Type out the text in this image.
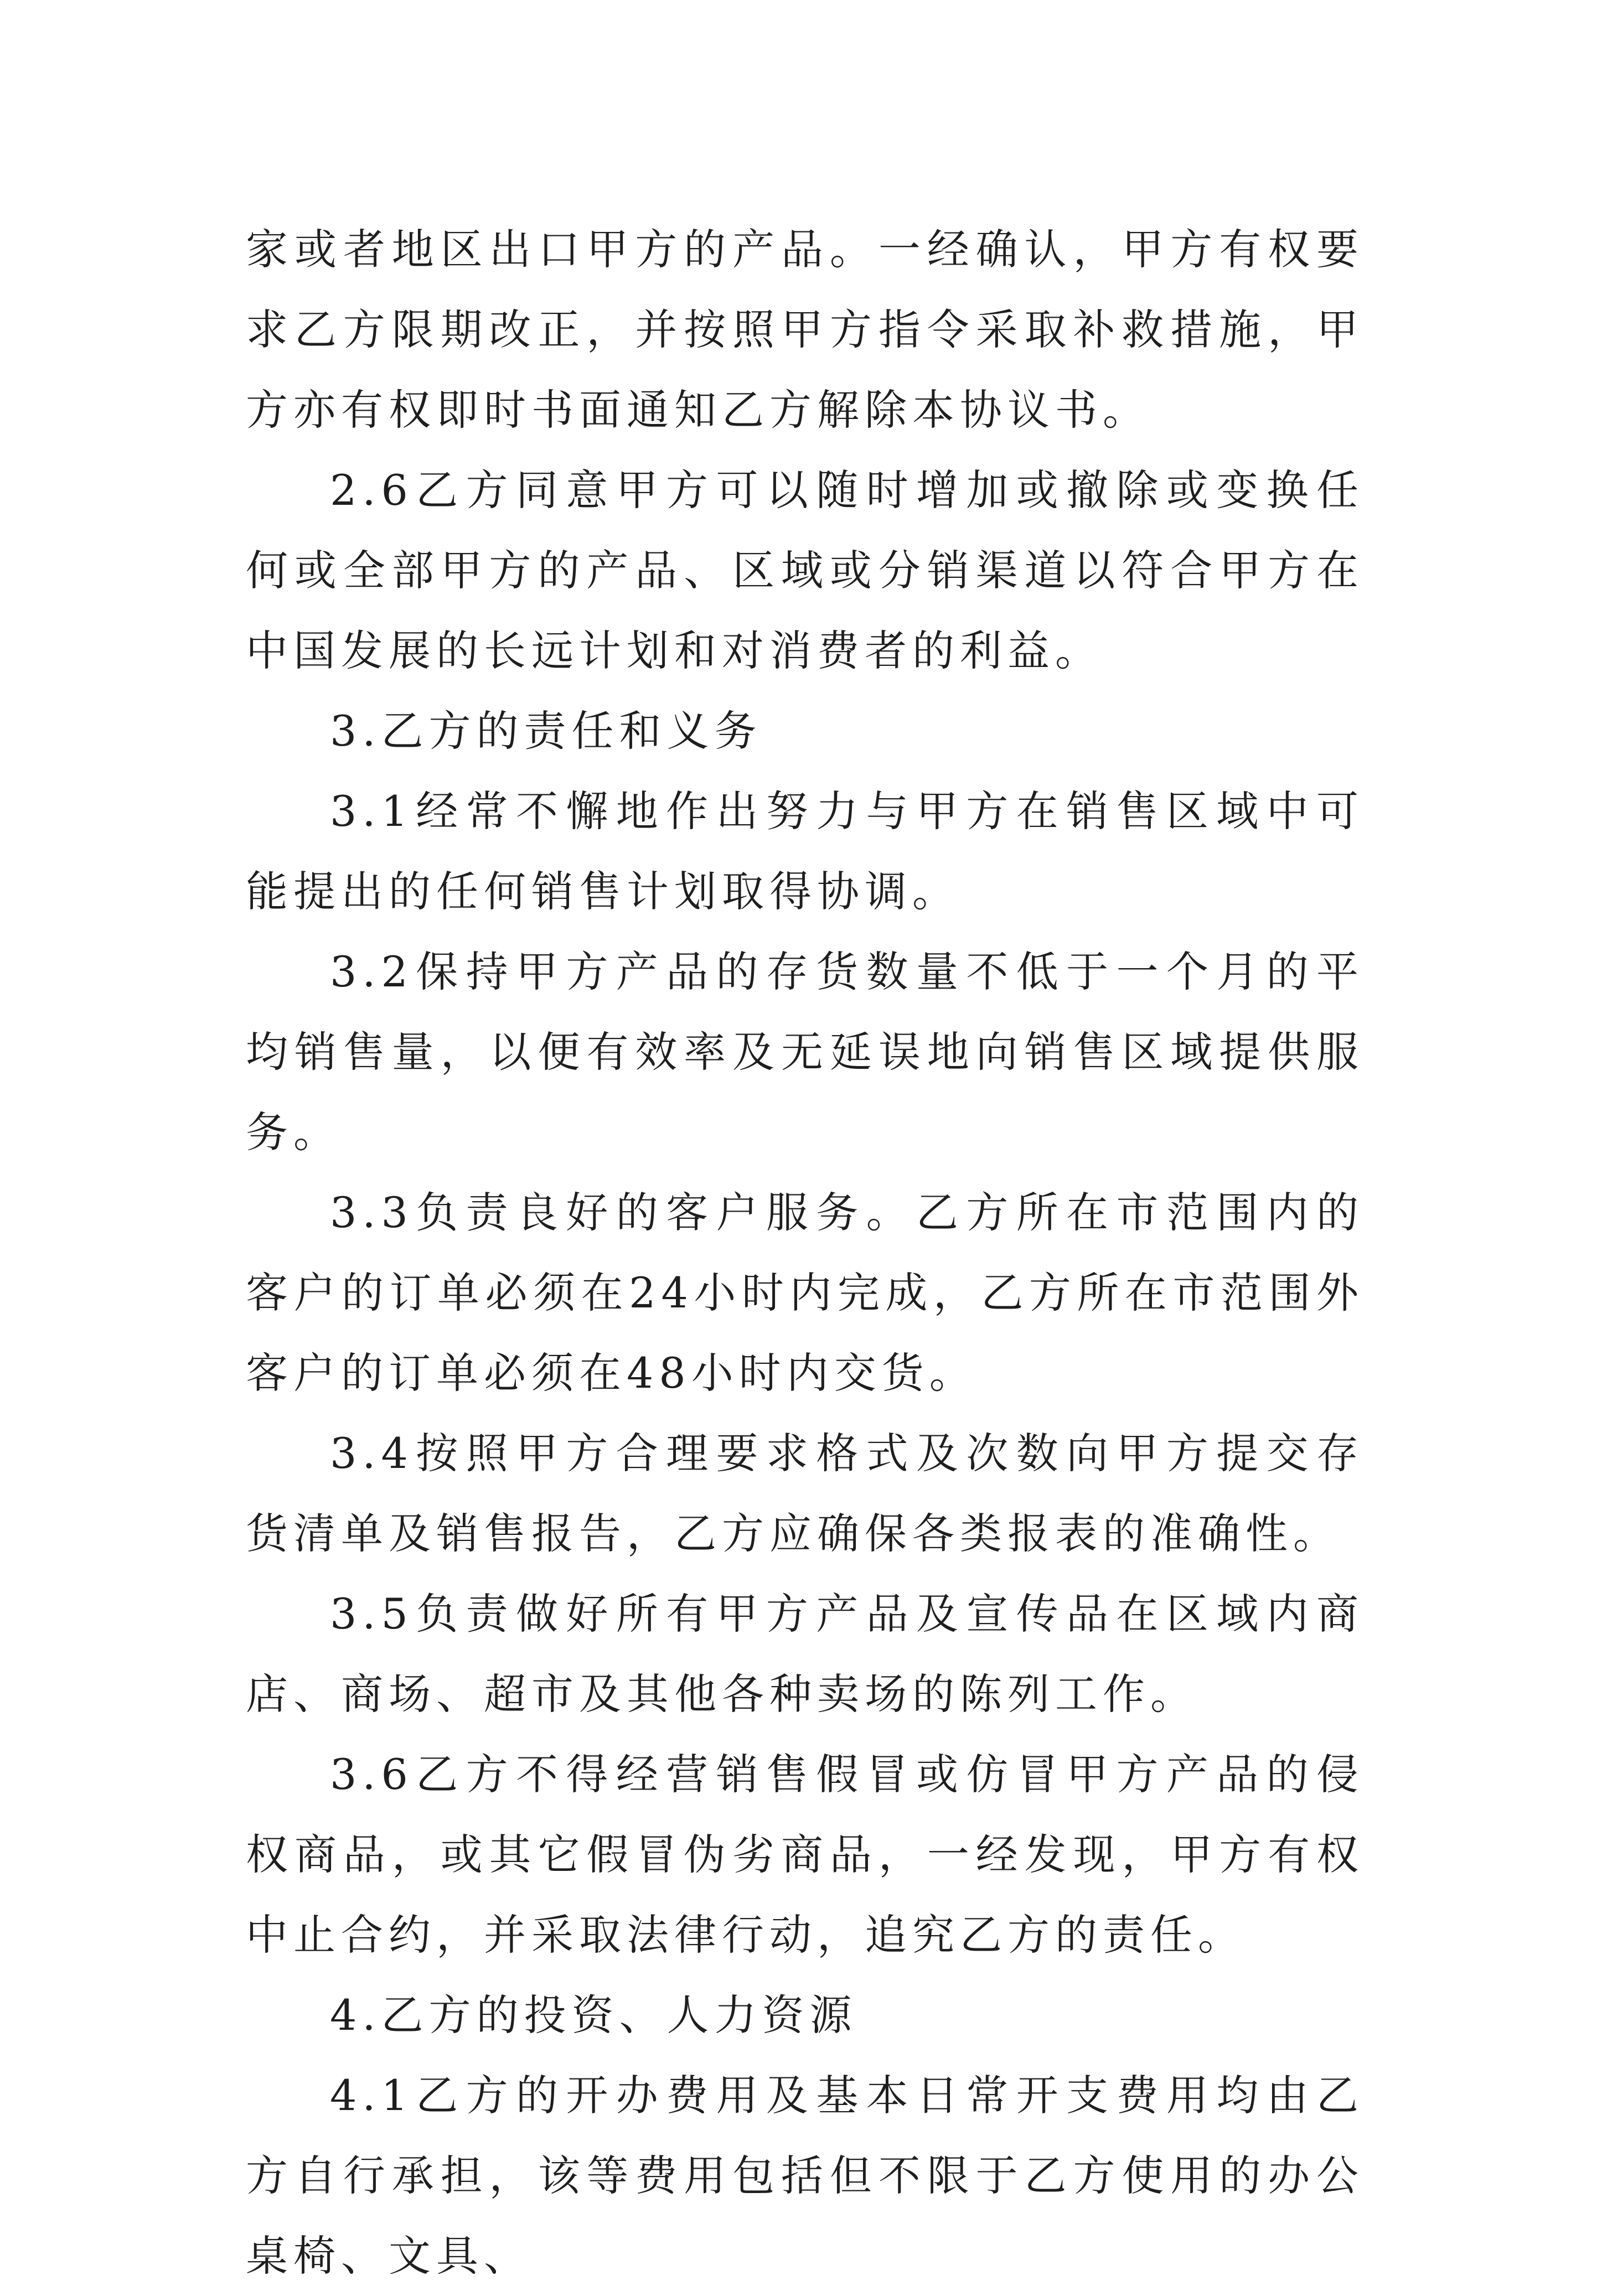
家或者地区出口甲方的产品。一经确认，甲方有权要求乙方限期改正，并按照甲方指令采取补救措施，甲方亦有权即时书面通知乙方解除本协议书。

2.6乙方同意甲方可以随时增加或撤除或变换任何或全部甲方的产品、区域或分销渠道以符合甲方在中国发展的长远计划和对消费者的利益。

3.乙方的责任和义务

3.1经常不懈地作出努力与甲方在销售区域中可能提出的任何销售计划取得协调。

3.2保持甲方产品的存货数量不低于一个月的平均销售量，以便有效率及无延误地向销售区域提供服务。

3.3负责良好的客户服务。乙方所在市范围内的客户的订单必须在24小时内完成，乙方所在市范围外客户的订单必须在48小时内交货。

3.4按照甲方合理要求格式及次数向甲方提交存货清单及销售报告，乙方应确保各类报表的准确性。

3.5负责做好所有甲方产品及宣传品在区域内商店、商场、超市及其他各种卖场的陈列工作。

3.6乙方不得经营销售假冒或仿冒甲方产品的侵权商品，或其它假冒伪劣商品，一经发现，甲方有权中止合约，并采取法律行动，追究乙方的责任。

4.乙方的投资、人力资源

4.1乙方的开办费用及基本日常开支费用均由乙方自行承担，该等费用包括但不限于乙方使用的办公桌椅、文具、
